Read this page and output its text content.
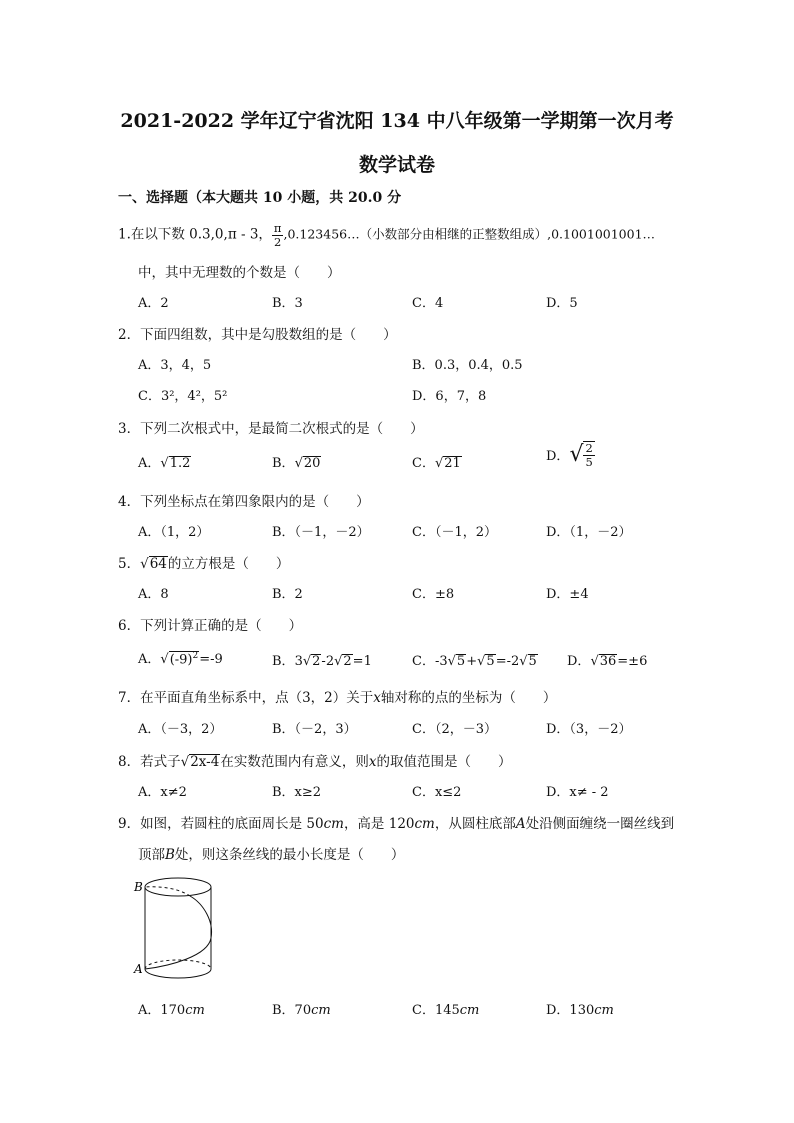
2021-2022 学年辽宁省沈阳 134 中八年级第一学期第一次月考
数学试卷
一、选择题（本大题共 10 小题，共 20.0 分
1.在以下数 0.3,0,π - 3， $\frac{\pi}{2}$ ,0.123456…（小数部分由相继的正整数组成）,0.1001001001…
中，其中无理数的个数是（　　）
A．2	B．3	C．4	D．5
2．下面四组数，其中是勾股数组的是（　　）
A．3，4，5	B．0.3，0.4，0.5
C．3²，4²，5²	D．6，7，8
3．下列二次根式中，是最简二次根式的是（　　）
A．√1.2	B．√20	C．√21	D．√ $\frac{2}{5}$
4．下列坐标点在第四象限内的是（　　）
A．（1，2）	B．（－1，－2）	C．（－1，2）	D．（1，－2）
5．√64的立方根是（　　）
A．8	B．2	C．±8	D．±4
6．下列计算正确的是（　　）
A．$√(-9)^2=-9$	B．3√2-2√2=1	C．-3√5+√5=-2√5 D．√36=±6
7．在平面直角坐标系中，点（3，2）关于x轴对称的点的坐标为（　　）
A．（－3，2）	B．（－2，3）	C．（2，－3）	D．（3，－2）
8．若式子√2x-4在实数范围内有意义，则x的取值范围是（　　）
A．x≠2	B．x≥2	C．x≤2	D．x≠ - 2
9．如图，若圆柱的底面周长是 50cm，高是 120cm，从圆柱底部A处沿侧面缠绕一圈丝线到
顶部B处，则这条丝线的最小长度是（　　）
B
A
A．170cm	B．70cm	C．145cm	D．130cm
